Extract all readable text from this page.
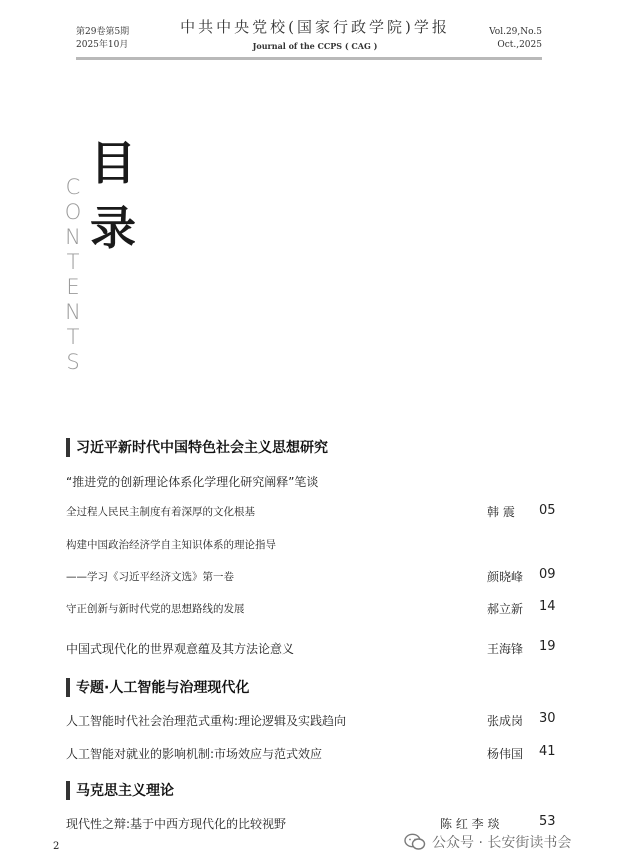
第29卷第5期
2025年10月
中共中央党校(国家行政学院)学报
Journal of the CCPS ( CAG )
Vol.29,No.5
Oct.,2025
C
O
N
T
E
N
T
S
目
录
习近平新时代中国特色社会主义思想研究
“推进党的创新理论体系化学理化研究阐释”笔谈
全过程人民民主制度有着深厚的文化根基	韩 震 05
构建中国政治经济学自主知识体系的理论指导
——学习《习近平经济文选》第一卷	颜晓峰 09
守正创新与新时代党的思想路线的发展	郝立新 14
中国式现代化的世界观意蕴及其方法论意义	王海锋 19
专题·人工智能与治理现代化
人工智能时代社会治理范式重构:理论逻辑及实践趋向	张成岗 30
人工智能对就业的影响机制:市场效应与范式效应	杨伟国 41
马克思主义理论
现代性之辩:基于中西方现代化的比较视野	陈 红 李 琰	53
2	公众号 · 长安街读书会
